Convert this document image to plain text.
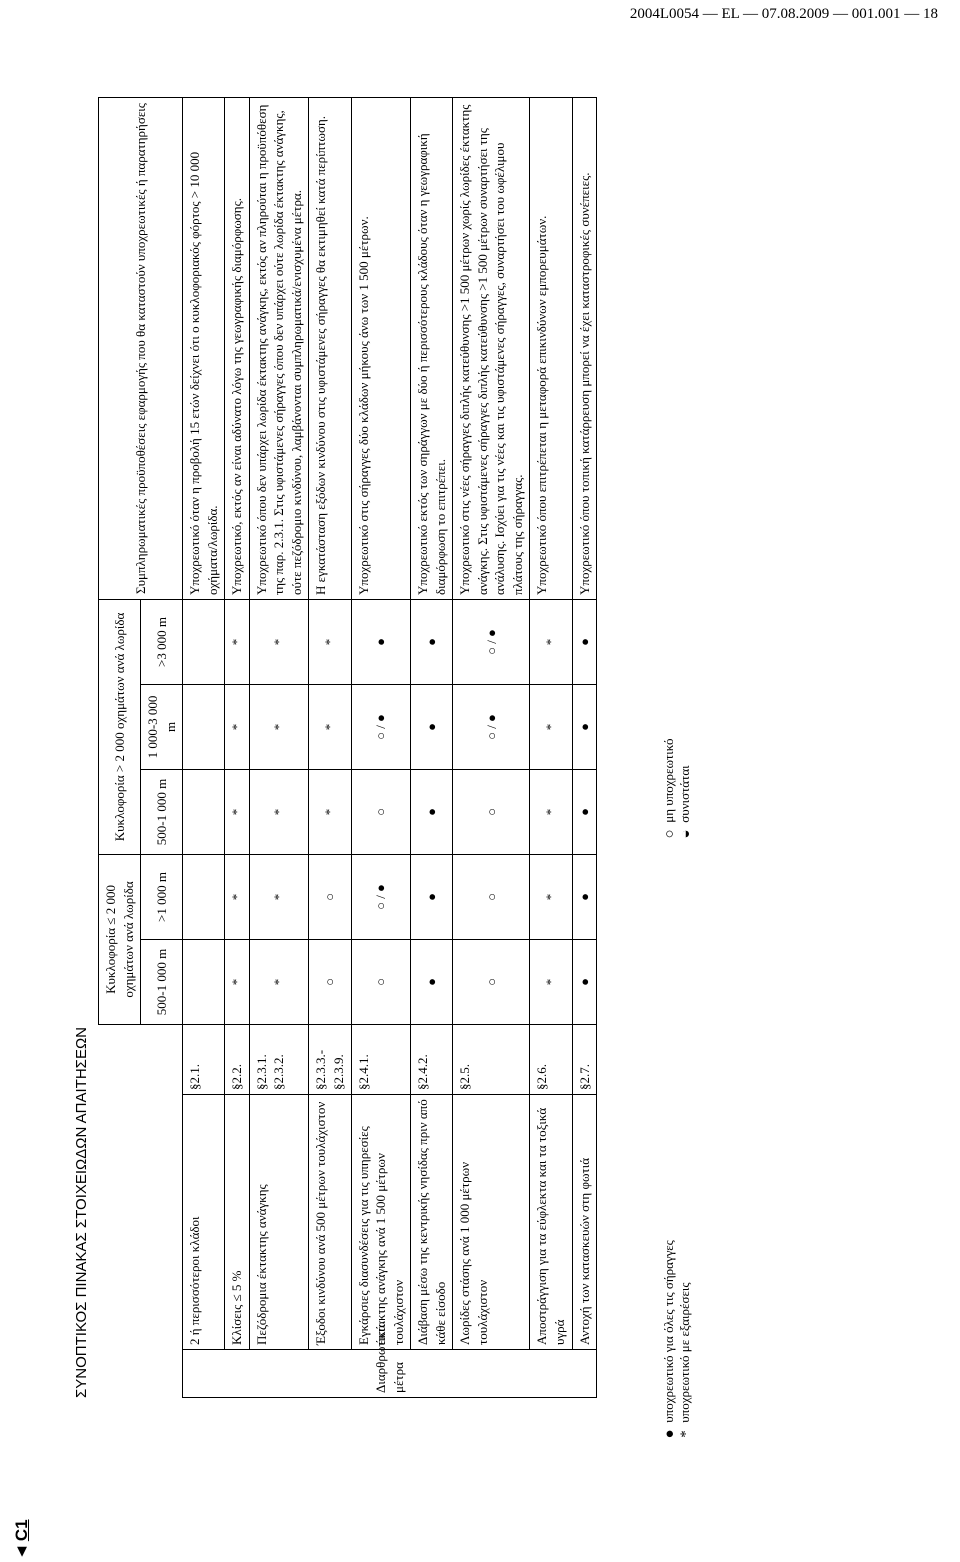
2004L0054 — EL — 07.08.2009 — 001.001 — 18
▼C1
ΣΥΝΟΠΤΙΚΟΣ ΠΙΝΑΚΑΣ ΣΤΟΙΧΕΙΩΔΩΝ ΑΠΑΙΤΗΣΕΩΝ
			Κυκλοφορία ≤ 2 000 οχημάτων ανά λωρίδα		Κυκλοφορία > 2 000 οχημάτων ανά λωρίδα			Συμπληρωματικές προϋποθέσεις εφαρμογής που θα καταστούν υποχρεωτικές ή παρατηρήσεις
			500-1 000 m	>1 000 m	500-1 000 m	1 000-3 000 m	>3 000 m	
Διαρθρωτικά μέτρα	2 ή περισσότεροι κλάδοι	§2.1.						Υποχρεωτικό όταν η προβολή 15 ετών δείχνει ότι ο κυκλοφοριακός φόρτος > 10 000 οχήματα/λωρίδα.
	Κλίσεις ≤ 5 %	§2.2.	*	*	*	*	*	Υποχρεωτικό, εκτός αν είναι αδύνατο λόγω της γεωγραφικής διαμόρφωσης.
	Πεζόδρομια έκτακτης ανάγκης	§2.3.1. §2.3.2.	*	*	*	*	*	Υποχρεωτικό όπου δεν υπάρχει λωρίδα έκτακτης ανάγκης, εκτός αν πληρούται η προϋπόθεση της παρ. 2.3.1. Στις υφιστάμενες σήραγγες όπου δεν υπάρχει ούτε λωρίδα έκτακτης ανάγκης, ούτε πεζόδρομιο κινδύνου, λαμβάνονται συμπληρωματικά/ενισχυμένα μέτρα.
	Έξοδοι κινδύνου ανά 500 μέτρων τουλάχιστον	§2.3.3.- §2.3.9.	○	○	*	*	*	Η εγκατάσταση εξόδων κινδύνου στις υφιστάμενες σήραγγες θα εκτιμηθεί κατά περίπτωση.
	Εγκάρσιες διασυνδέσεις για τις υπηρεσίες έκτακτης ανάγκης ανά 1 500 μέτρων τουλάχιστον	§2.4.1.	○	○ / ●	○	○ / ●	●	Υποχρεωτικό στις σήραγγες δύο κλάδων μήκους άνω των 1 500 μέτρων.
	Διάβαση μέσω της κεντρικής νησίδας πριν από κάθε είσοδο	§2.4.2.	●	●	●	●	●	Υποχρεωτικό εκτός των σηράγγων με δύο ή περισσότερους κλάδους όταν η γεωγραφική διαμόρφωση το επιτρέπει.
	Λωρίδες στάσης ανά 1 000 μέτρων τουλάχιστον	§2.5.	○	○	○	○ / ●	○ / ●	Υποχρεωτικό στις νέες σήραγγες διπλής κατεύθυνσης >1 500 μέτρων χωρίς λωρίδες έκτακτης ανάγκης. Στις υφιστάμενες σήραγγες διπλής κατεύθυνσης >1 500 μέτρων συναρτήσει της ανάλυσης. Ισχύει για τις νέες και τις υφιστάμενες σήραγγες, συναρτήσει του ωφέλιμου πλάτους της σήραγγας.
	Αποστράγγιση για τα εύφλεκτα και τα τοξικά υγρά	§2.6.	*	*	*	*	*	Υποχρεωτικό όπου επιτρέπεται η μεταφορά επικινδύνων εμπορευμάτων.
	Αντοχή των κατασκευών στη φωτιά	§2.7.	●	●	●	●	●	Υποχρεωτικό όπου τοπική κατάρρευση μπορεί να έχει καταστροφικές συνέπειες.
● υποχρεωτικό για όλες τις σήραγγες
* υποχρεωτικό με εξαιρέσεις
○ μη υποχρεωτικό
◒ συνιστάται
